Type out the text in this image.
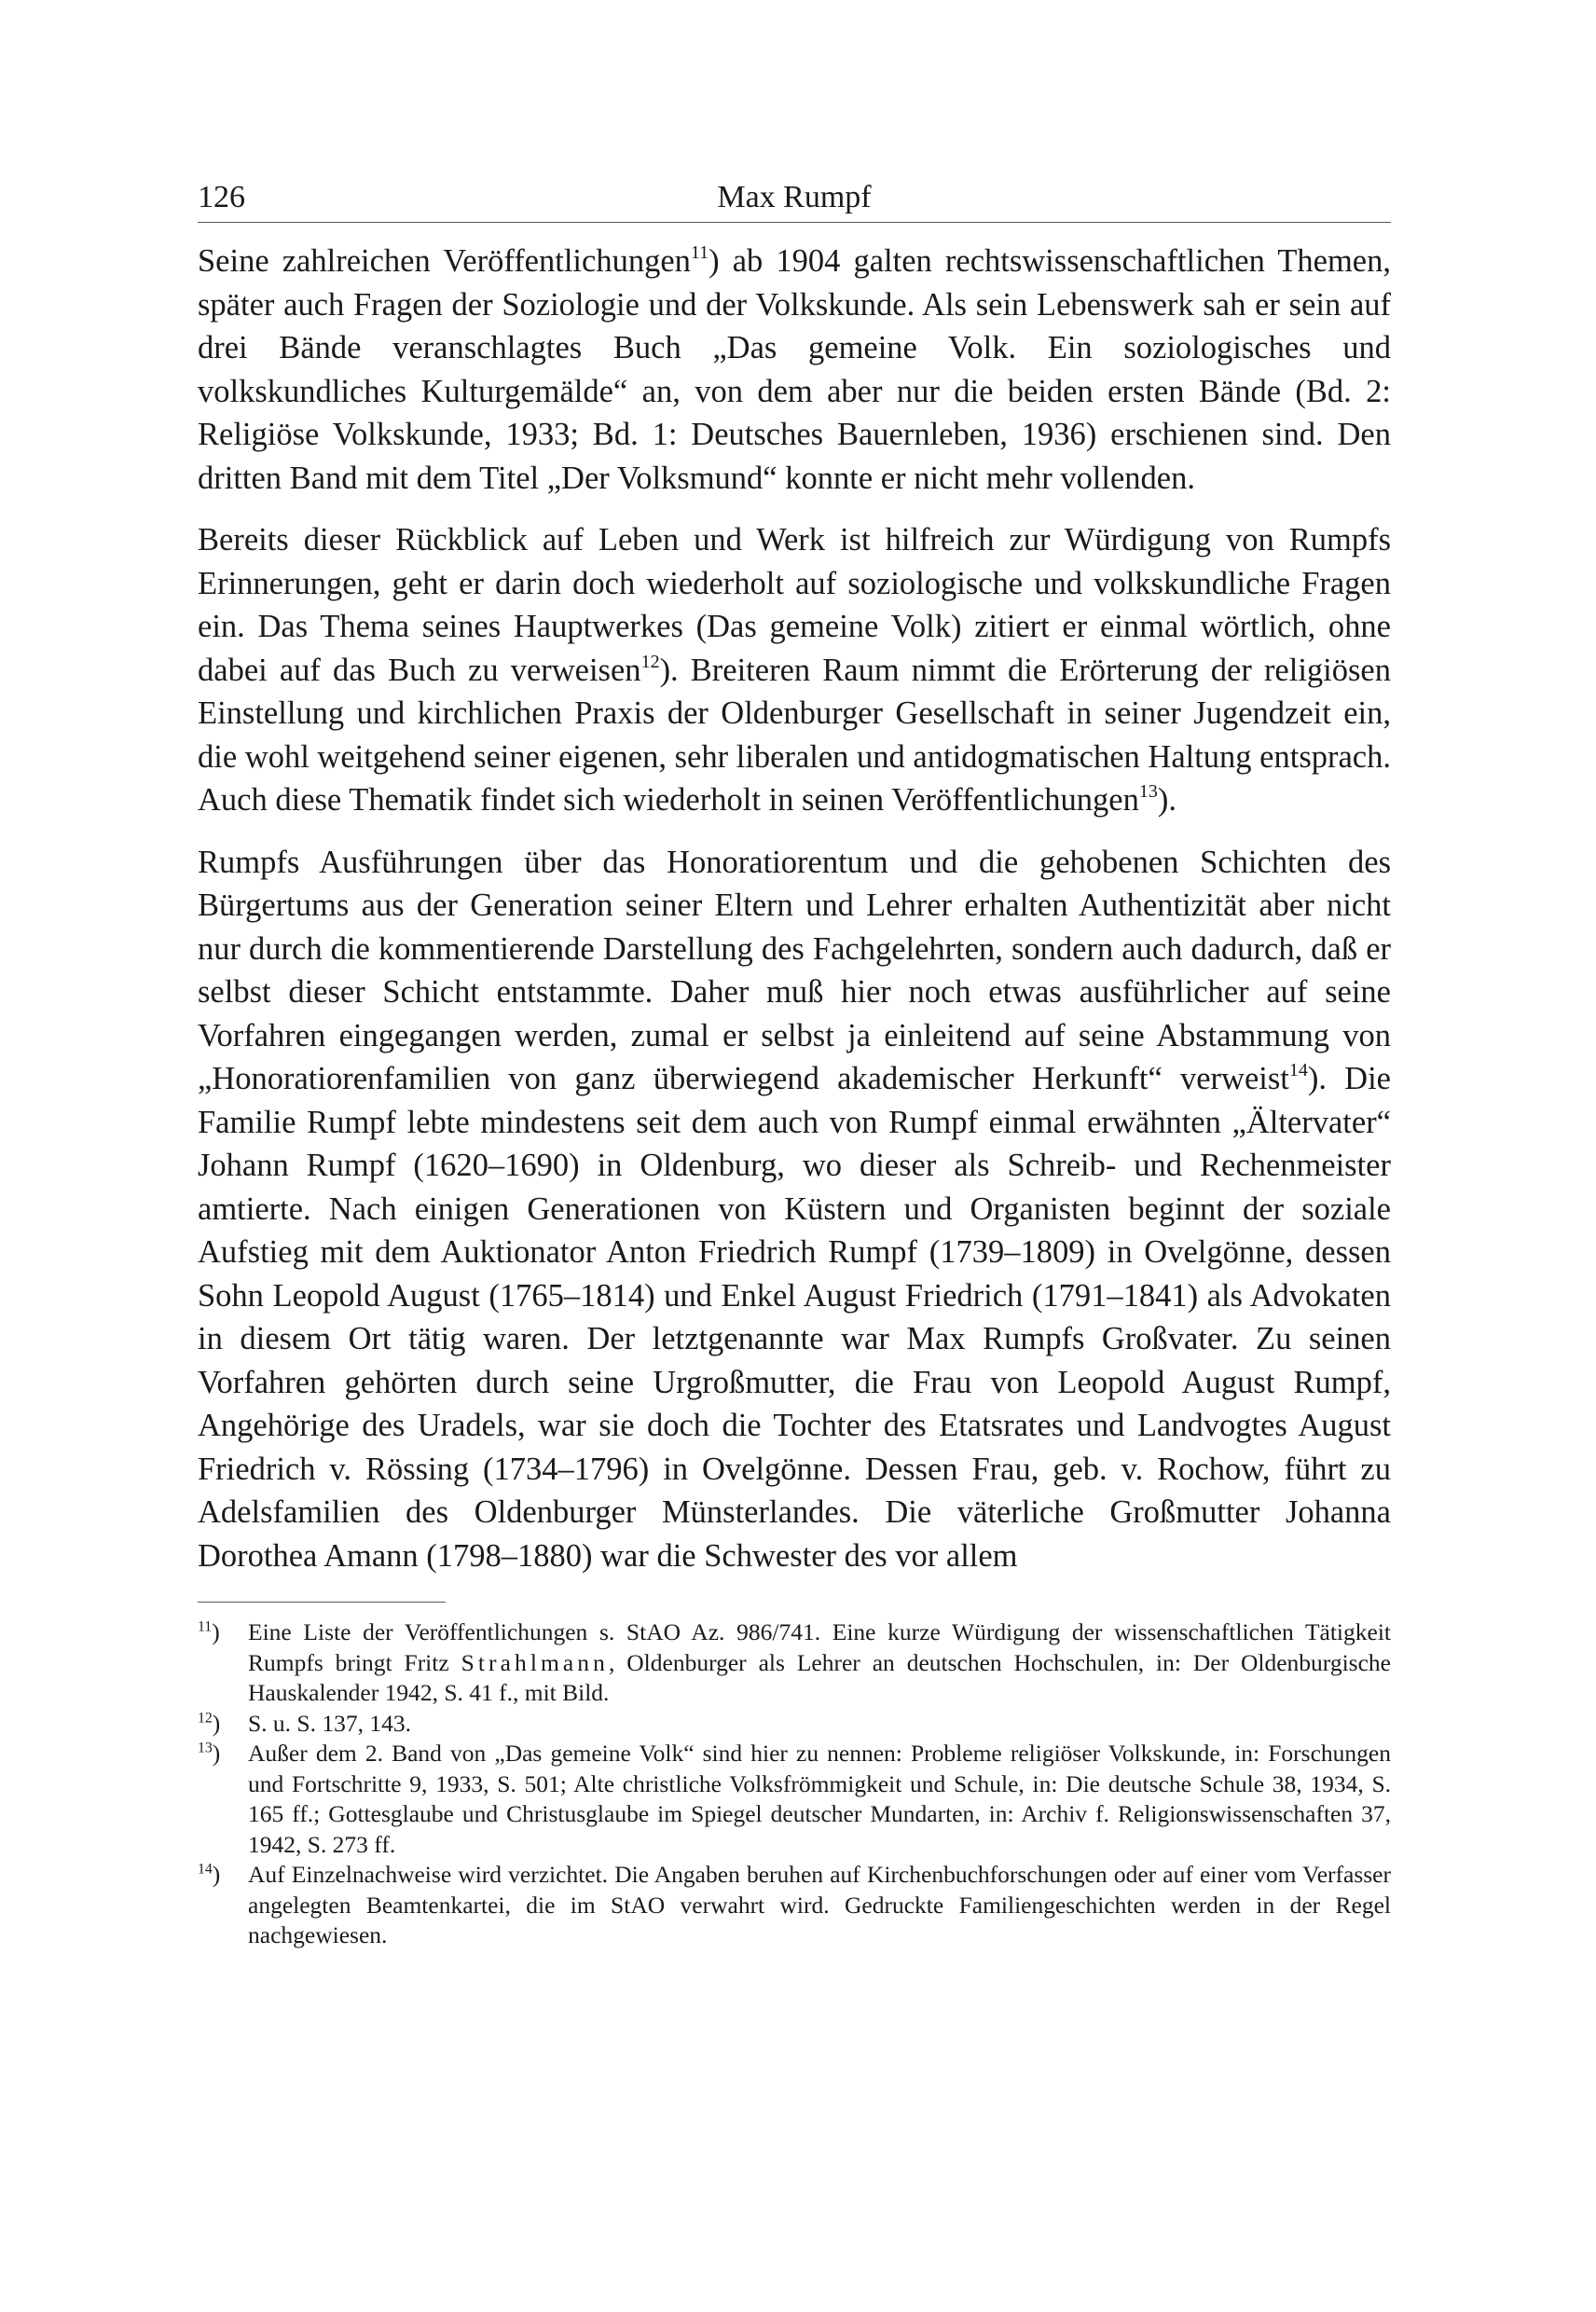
126	Max Rumpf

Seine zahlreichen Veröffentlichungen$^{11}$) ab 1904 galten rechtswissenschaftlichen Themen, später auch Fragen der Soziologie und der Volkskunde. Als sein Lebenswerk sah er sein auf drei Bände veranschlagtes Buch „Das gemeine Volk. Ein soziologisches und volkskundliches Kulturgemälde“ an, von dem aber nur die beiden ersten Bände (Bd. 2: Religiöse Volkskunde, 1933; Bd. 1: Deutsches Bauernleben, 1936) erschienen sind. Den dritten Band mit dem Titel „Der Volksmund“ konnte er nicht mehr vollenden.

Bereits dieser Rückblick auf Leben und Werk ist hilfreich zur Würdigung von Rumpfs Erinnerungen, geht er darin doch wiederholt auf soziologische und volkskundliche Fragen ein. Das Thema seines Hauptwerkes (Das gemeine Volk) zitiert er einmal wörtlich, ohne dabei auf das Buch zu verweisen$^{12}$). Breiteren Raum nimmt die Erörterung der religiösen Einstellung und kirchlichen Praxis der Oldenburger Gesellschaft in seiner Jugendzeit ein, die wohl weitgehend seiner eigenen, sehr liberalen und antidogmatischen Haltung entsprach. Auch diese Thematik findet sich wiederholt in seinen Veröffentlichungen$^{13}$).

Rumpfs Ausführungen über das Honoratiorentum und die gehobenen Schichten des Bürgertums aus der Generation seiner Eltern und Lehrer erhalten Authentizität aber nicht nur durch die kommentierende Darstellung des Fachgelehrten, sondern auch dadurch, daß er selbst dieser Schicht entstammte. Daher muß hier noch etwas ausführlicher auf seine Vorfahren eingegangen werden, zumal er selbst ja einleitend auf seine Abstammung von „Honoratiorenfamilien von ganz überwiegend akademischer Herkunft“ verweist$^{14}$). Die Familie Rumpf lebte mindestens seit dem auch von Rumpf einmal erwähnten „Ältervater“ Johann Rumpf (1620–1690) in Oldenburg, wo dieser als Schreib- und Rechenmeister amtierte. Nach einigen Generationen von Küstern und Organisten beginnt der soziale Aufstieg mit dem Auktionator Anton Friedrich Rumpf (1739–1809) in Ovelgönne, dessen Sohn Leopold August (1765–1814) und Enkel August Friedrich (1791–1841) als Advokaten in diesem Ort tätig waren. Der letztgenannte war Max Rumpfs Großvater. Zu seinen Vorfahren gehörten durch seine Urgroßmutter, die Frau von Leopold August Rumpf, Angehörige des Uradels, war sie doch die Tochter des Etatsrates und Landvogtes August Friedrich v. Rössing (1734–1796) in Ovelgönne. Dessen Frau, geb. v. Rochow, führt zu Adelsfamilien des Oldenburger Münsterlandes. Die väterliche Großmutter Johanna Dorothea Amann (1798–1880) war die Schwester des vor allem

$^{11}$)	Eine Liste der Veröffentlichungen s. StAO Az. 986/741. Eine kurze Würdigung der wissenschaftlichen Tätigkeit Rumpfs bringt Fritz Strahlmann, Oldenburger als Lehrer an deutschen Hochschulen, in: Der Oldenburgische Hauskalender 1942, S. 41 f., mit Bild.
$^{12}$)	S. u. S. 137, 143.
$^{13}$)	Außer dem 2. Band von „Das gemeine Volk“ sind hier zu nennen: Probleme religiöser Volkskunde, in: Forschungen und Fortschritte 9, 1933, S. 501; Alte christliche Volksfrömmigkeit und Schule, in: Die deutsche Schule 38, 1934, S. 165 ff.; Gottesglaube und Christusglaube im Spiegel deutscher Mundarten, in: Archiv f. Religionswissenschaften 37, 1942, S. 273 ff.
$^{14}$)	Auf Einzelnachweise wird verzichtet. Die Angaben beruhen auf Kirchenbuchforschungen oder auf einer vom Verfasser angelegten Beamtenkartei, die im StAO verwahrt wird. Gedruckte Familiengeschichten werden in der Regel nachgewiesen.
